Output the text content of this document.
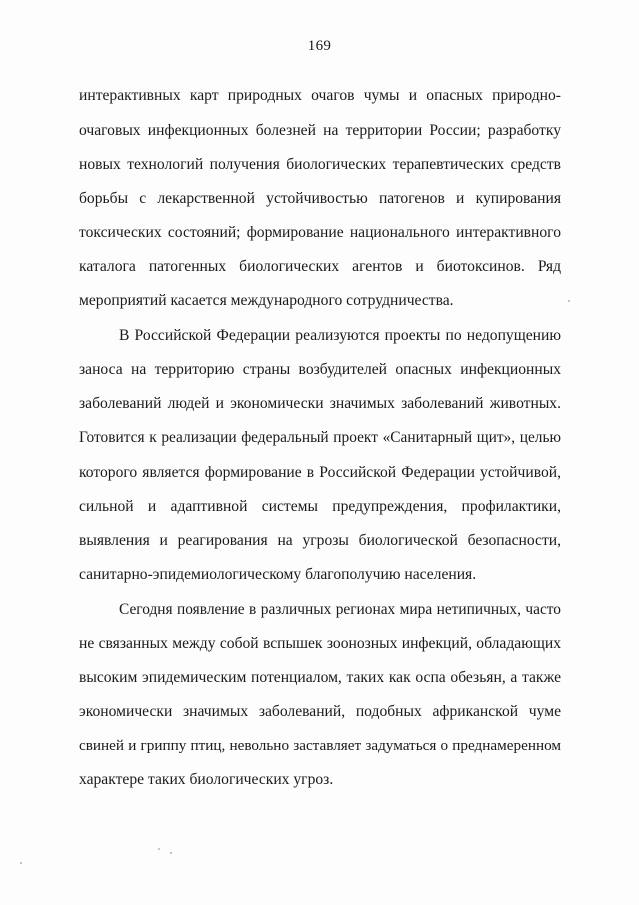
169
интерактивных карт природных очагов чумы и опасных природно-
очаговых инфекционных болезней на территории России; разработку
новых технологий получения биологических терапевтических средств
борьбы с лекарственной устойчивостью патогенов и купирования
токсических состояний; формирование национального интерактивного
каталога патогенных биологических агентов и биотоксинов. Ряд
мероприятий касается международного сотрудничества.
В Российской Федерации реализуются проекты по недопущению
заноса на территорию страны возбудителей опасных инфекционных
заболеваний людей и экономически значимых заболеваний животных.
Готовится к реализации федеральный проект «Санитарный щит», целью
которого является формирование в Российской Федерации устойчивой,
сильной и адаптивной системы предупреждения, профилактики,
выявления и реагирования на угрозы биологической безопасности,
санитарно-эпидемиологическому благополучию населения.
Сегодня появление в различных регионах мира нетипичных, часто
не связанных между собой вспышек зоонозных инфекций, обладающих
высоким эпидемическим потенциалом, таких как оспа обезьян, а также
экономически значимых заболеваний, подобных африканской чуме
свиней и гриппу птиц, невольно заставляет задуматься о преднамеренном
характере таких биологических угроз.
